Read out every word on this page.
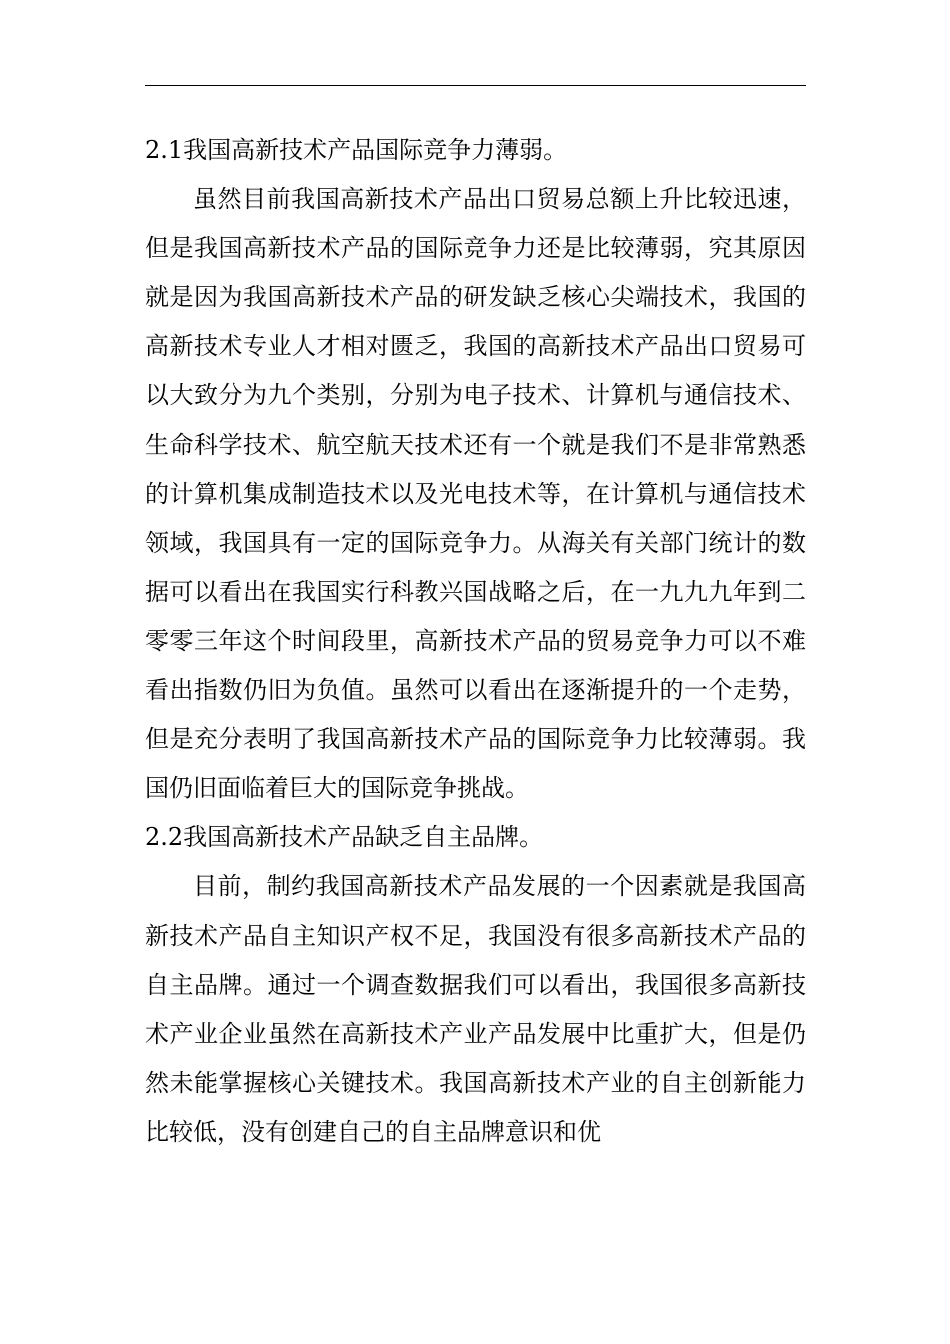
2.1我国高新技术产品国际竞争力薄弱。

虽然目前我国高新技术产品出口贸易总额上升比较迅速，但是我国高新技术产品的国际竞争力还是比较薄弱，究其原因就是因为我国高新技术产品的研发缺乏核心尖端技术，我国的高新技术专业人才相对匮乏，我国的高新技术产品出口贸易可以大致分为九个类别，分别为电子技术、计算机与通信技术、生命科学技术、航空航天技术还有一个就是我们不是非常熟悉的计算机集成制造技术以及光电技术等，在计算机与通信技术领域，我国具有一定的国际竞争力。从海关有关部门统计的数据可以看出在我国实行科教兴国战略之后，在一九九九年到二零零三年这个时间段里，高新技术产品的贸易竞争力可以不难看出指数仍旧为负值。虽然可以看出在逐渐提升的一个走势，但是充分表明了我国高新技术产品的国际竞争力比较薄弱。我国仍旧面临着巨大的国际竞争挑战。

2.2我国高新技术产品缺乏自主品牌。

目前，制约我国高新技术产品发展的一个因素就是我国高新技术产品自主知识产权不足，我国没有很多高新技术产品的自主品牌。通过一个调查数据我们可以看出，我国很多高新技术产业企业虽然在高新技术产业产品发展中比重扩大，但是仍然未能掌握核心关键技术。我国高新技术产业的自主创新能力比较低，没有创建自己的自主品牌意识和优
